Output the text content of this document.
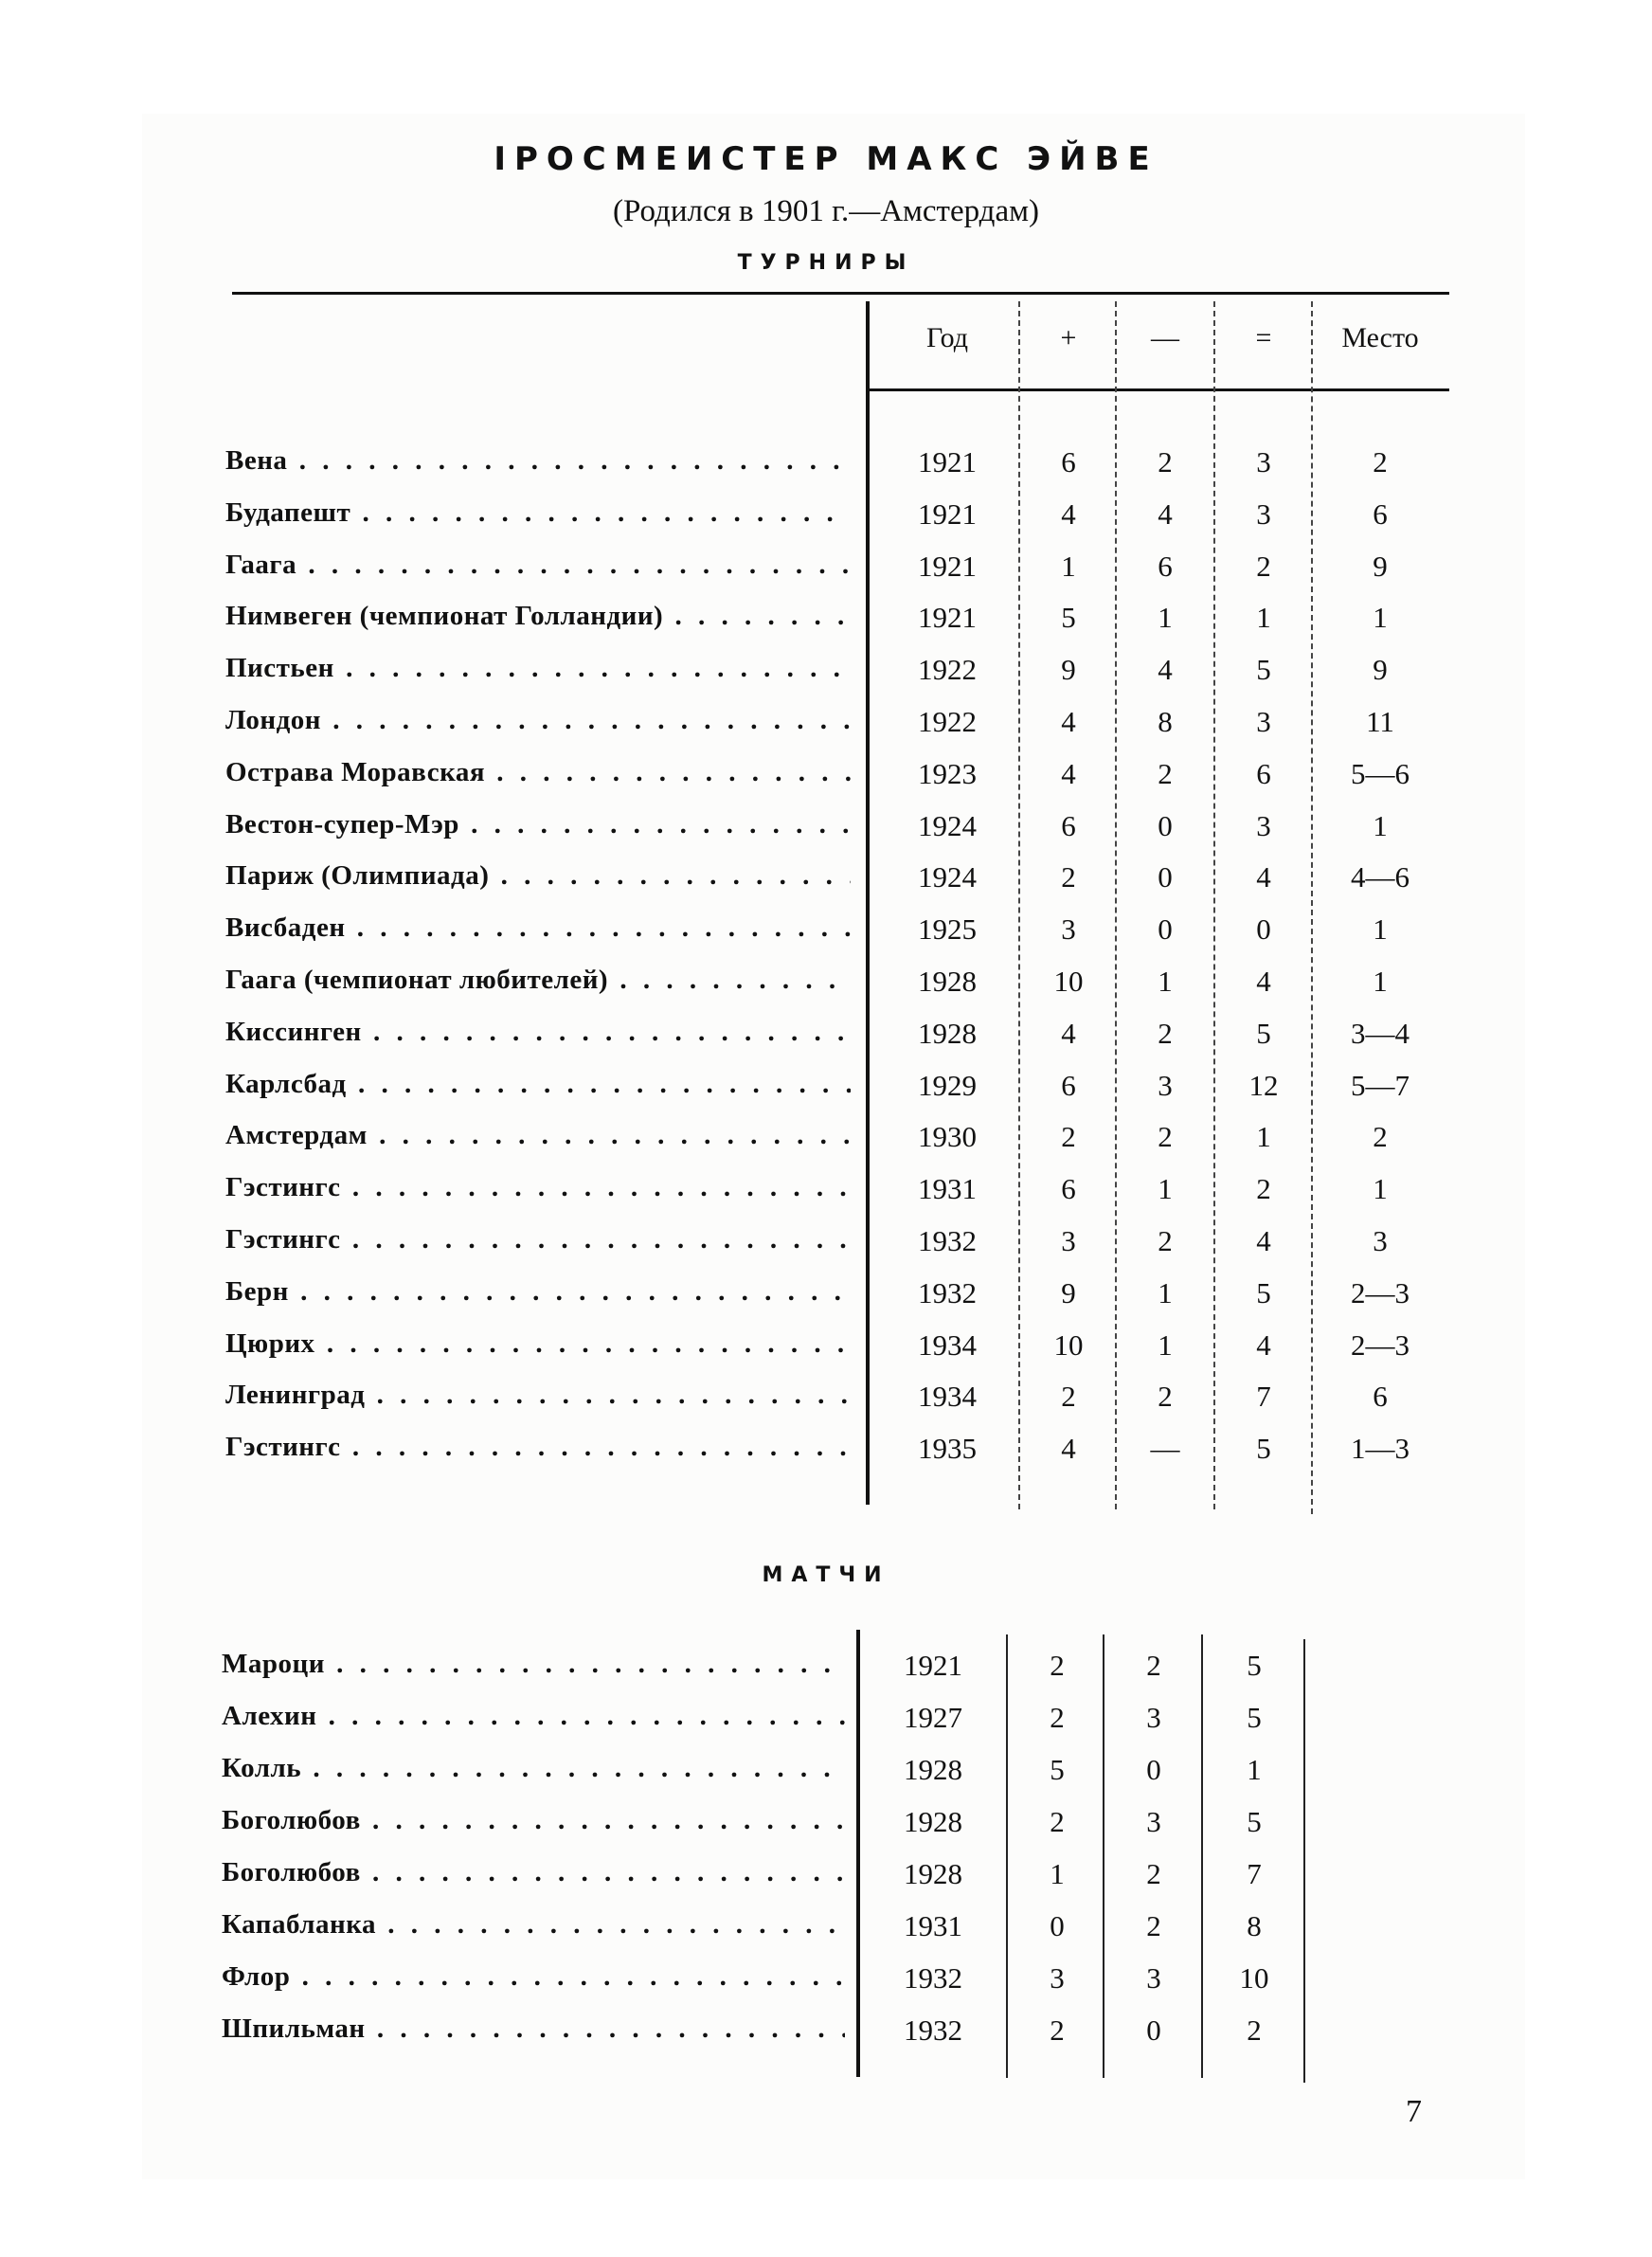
ІРОСМЕИСТЕР МАКС ЭЙВЕ
(Родился в 1901 г.—Амстердам)
ТУРНИРЫ
Год	+	—	=	Место
Вена . . .	1921	6	2	3	2
Будапешт . . .	1921	4	4	3	6
Гаага . . .	1921	1	6	2	9
Нимвеген (чемпионат Голландии) . . .	1921	5	1	1	1
Пистьен . . .	1922	9	4	5	9
Лондон . . .	1922	4	8	3	11
Острава Моравская . . .	1923	4	2	6	5—6
Вестон-супер-Мэр . . .	1924	6	0	3	1
Париж (Олимпиада) . . .	1924	2	0	4	4—6
Висбаден . . .	1925	3	0	0	1
Гаага (чемпионат любителей) . . .	1928	10	1	4	1
Киссинген . . .	1928	4	2	5	3—4
Карлсбад . . .	1929	6	3	12	5—7
Амстердам . . .	1930	2	2	1	2
Гэстингс . . .	1931	6	1	2	1
Гэстингс . . .	1932	3	2	4	3
Берн . . .	1932	9	1	5	2—3
Цюрих . . .	1934	10	1	4	2—3
Ленинград . . .	1934	2	2	7	6
Гэстингс . . .	1935	4	—	5	1—3
МАТЧИ
Мароци . . .	1921	2	2	5
Алехин . . .	1927	2	3	5
Колль . . .	1928	5	0	1
Боголюбов . . .	1928	2	3	5
Боголюбов . . .	1928	1	2	7
Капабланка . . .	1931	0	2	8
Флор . . .	1932	3	3	10
Шпильман . . .	1932	2	0	2
7
